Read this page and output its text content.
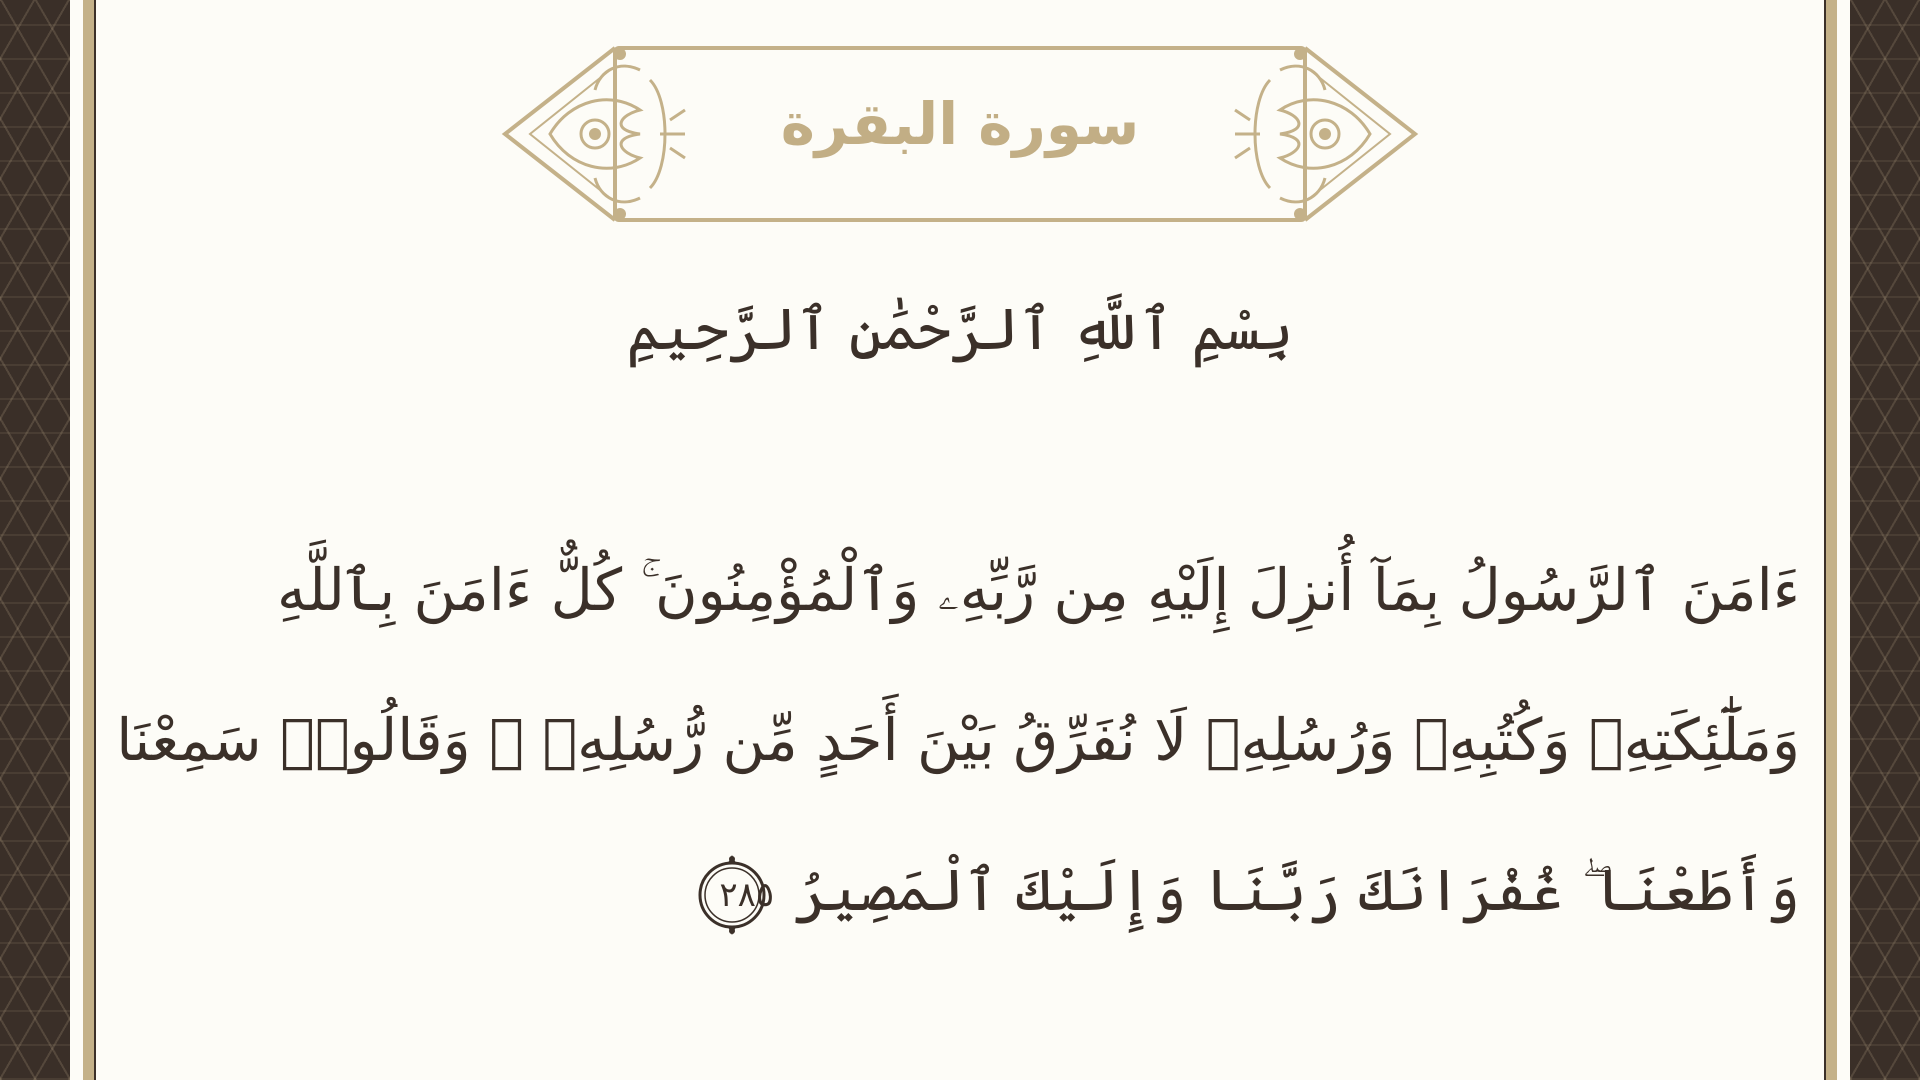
سورة البقرة
بِسْمِ ٱللَّهِ ٱلرَّحْمَٰنِ ٱلرَّحِيمِ
ءَامَنَ ٱلرَّسُولُ بِمَآ أُنزِلَ إِلَيْهِ مِن رَّبِّهِۦ وَٱلْمُؤْمِنُونَ ۚ كُلٌّ ءَامَنَ بِٱللَّهِ
وَمَلَٰٓئِكَتِهِۦ وَكُتُبِهِۦ وَرُسُلِهِۦ لَا نُفَرِّقُ بَيْنَ أَحَدٍ مِّن رُّسُلِهِۦ ۚ وَقَالُوا۟ سَمِعْنَا
وَأَطَعْنَا ۖ غُفْرَانَكَ رَبَّنَا وَإِلَيْكَ ٱلْمَصِيرُ
٢٨٥
